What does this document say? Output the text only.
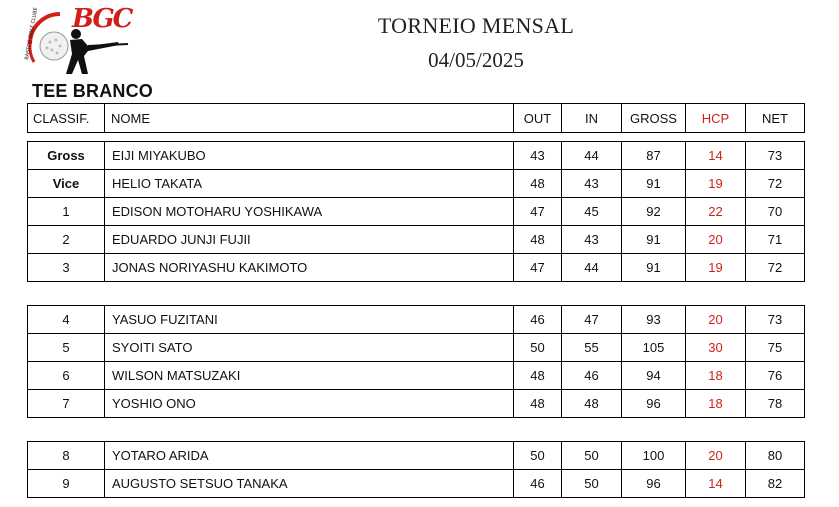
BASTOS GOLF CLUBE BGC	TORNEIO MENSAL
04/05/2025
TEE BRANCO
CLASSIF.	NOME	OUT	IN	GROSS	HCP	NET

Gross	EIJI MIYAKUBO	43	44	87	14	73
Vice	HELIO TAKATA	48	43	91	19	72
1	EDISON MOTOHARU YOSHIKAWA	47	45	92	22	70
2	EDUARDO JUNJI FUJII	48	43	91	20	71
3	JONAS NORIYASHU KAKIMOTO	47	44	91	19	72

4	YASUO FUZITANI	46	47	93	20	73
5	SYOITI SATO	50	55	105	30	75
6	WILSON MATSUZAKI	48	46	94	18	76
7	YOSHIO ONO	48	48	96	18	78

8	YOTARO ARIDA	50	50	100	20	80
9	AUGUSTO SETSUO TANAKA	46	50	96	14	82
